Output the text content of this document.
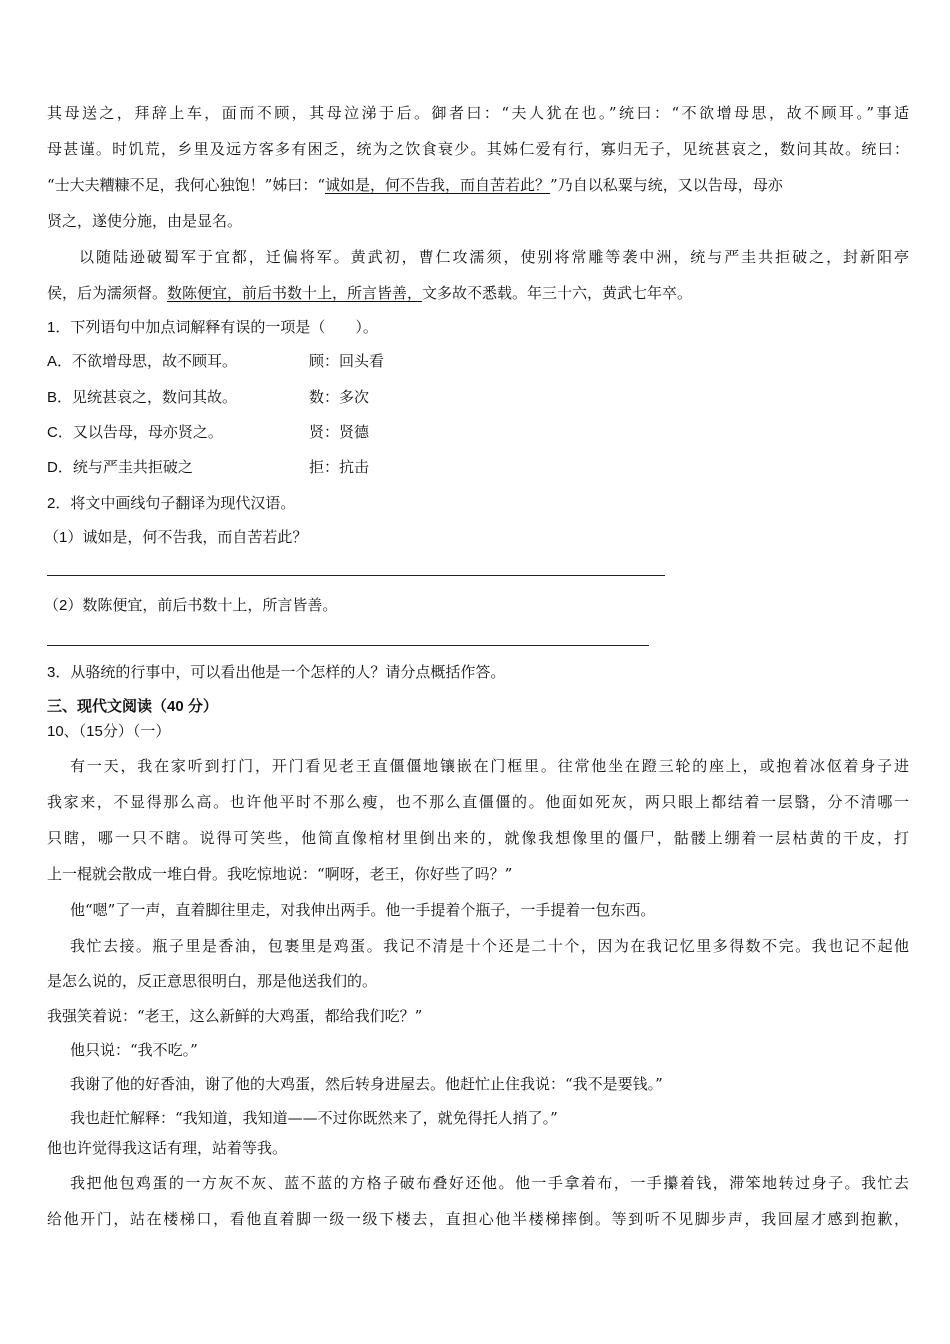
其母送之，拜辞上车，面而不顾，其母泣涕于后。御者曰：“夫人犹在也。”统曰：“不欲增母思，故不顾耳。”事适
母甚谨。时饥荒，乡里及远方客多有困乏，统为之饮食衰少。其姊仁爱有行，寡归无子，见统甚哀之，数问其故。统曰：
“士大夫糟糠不足，我何心独饱！”姊曰：“诚如是，何不告我，而自苦若此？”乃自以私粟与统，又以告母，母亦
贤之，遂使分施，由是显名。
以随陆逊破蜀军于宜都，迁偏将军。黄武初，曹仁攻濡须，使别将常雕等袭中洲，统与严圭共拒破之，封新阳亭
侯，后为濡须督。数陈便宜，前后书数十上，所言皆善，文多故不悉载。年三十六，黄武七年卒。
1．下列语句中加点词解释有误的一项是（　　）。
A．不欲增母思，故不顾耳。	顾：回头看
B．见统甚哀之，数问其故。	数：多次
C．又以告母，母亦贤之。	贤：贤德
D．统与严圭共拒破之	拒：抗击
2．将文中画线句子翻译为现代汉语。
（1）诚如是，何不告我，而自苦若此？
（2）数陈便宜，前后书数十上，所言皆善。
3．从骆统的行事中，可以看出他是一个怎样的人？请分点概括作答。
三、现代文阅读（40 分）
10、（15分）（一）
有一天，我在家听到打门，开门看见老王直僵僵地镶嵌在门框里。往常他坐在蹬三轮的座上，或抱着冰伛着身子进
我家来，不显得那么高。也许他平时不那么瘦，也不那么直僵僵的。他面如死灰，两只眼上都结着一层翳，分不清哪一
只瞎，哪一只不瞎。说得可笑些，他简直像棺材里倒出来的，就像我想像里的僵尸，骷髅上绷着一层枯黄的干皮，打
上一棍就会散成一堆白骨。我吃惊地说：“啊呀，老王，你好些了吗？”
他“嗯”了一声，直着脚往里走，对我伸出两手。他一手提着个瓶子，一手提着一包东西。
我忙去接。瓶子里是香油，包裹里是鸡蛋。我记不清是十个还是二十个，因为在我记忆里多得数不完。我也记不起他
是怎么说的，反正意思很明白，那是他送我们的。
我强笑着说：“老王，这么新鲜的大鸡蛋，都给我们吃？”
他只说：“我不吃。”
我谢了他的好香油，谢了他的大鸡蛋，然后转身进屋去。他赶忙止住我说：“我不是要钱。”
我也赶忙解释：“我知道，我知道——不过你既然来了，就免得托人捎了。”
他也许觉得我这话有理，站着等我。
我把他包鸡蛋的一方灰不灰、蓝不蓝的方格子破布叠好还他。他一手拿着布，一手攥着钱，滞笨地转过身子。我忙去
给他开门，站在楼梯口，看他直着脚一级一级下楼去，直担心他半楼梯摔倒。等到听不见脚步声，我回屋才感到抱歉，
